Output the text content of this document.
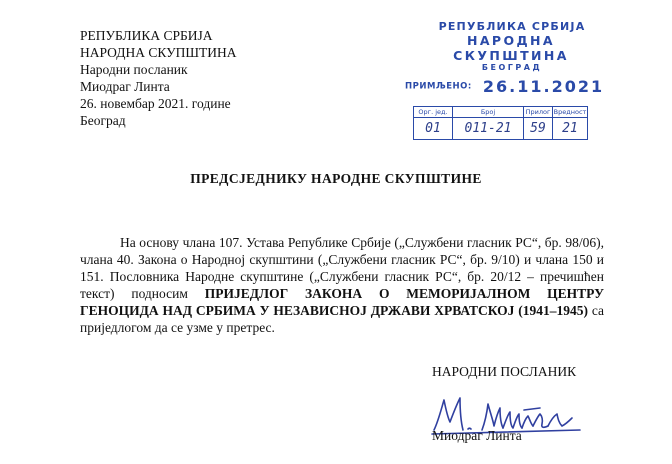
РЕПУБЛИКА СРБИЈА
НАРОДНА СКУПШТИНА
Народни посланик
Миодраг Линта
26. новембар 2021. године
Београд
РЕПУБЛИКА СРБИЈА
НАРОДНА СКУПШТИНА
БЕОГРАД
ПРИМЉЕНО: 26.11.2021
Орг. јед.	Број	Прилог	Вредност
01	011-21	59	21
ПРЕДСЈЕДНИКУ НАРОДНЕ СКУПШТИНЕ
На основу члана 107. Устава Републике Србије („Службени гласник РС“, бр. 98/06), члана 40. Закона о Народној скупштини („Службени гласник РС“, бр. 9/10) и члана 150 и 151. Пословника Народне скупштине („Службени гласник РС“, бр. 20/12 – пречишћен текст) подносим ПРИЈЕДЛОГ ЗАКОНА О МЕМОРИЈАЛНОМ ЦЕНТРУ ГЕНОЦИДА НАД СРБИМА У НЕЗАВИСНОЈ ДРЖАВИ ХРВАТСКОЈ (1941–1945) са приједлогом да се узме у претрес.
НАРОДНИ ПОСЛАНИК
Миодраг Линта
